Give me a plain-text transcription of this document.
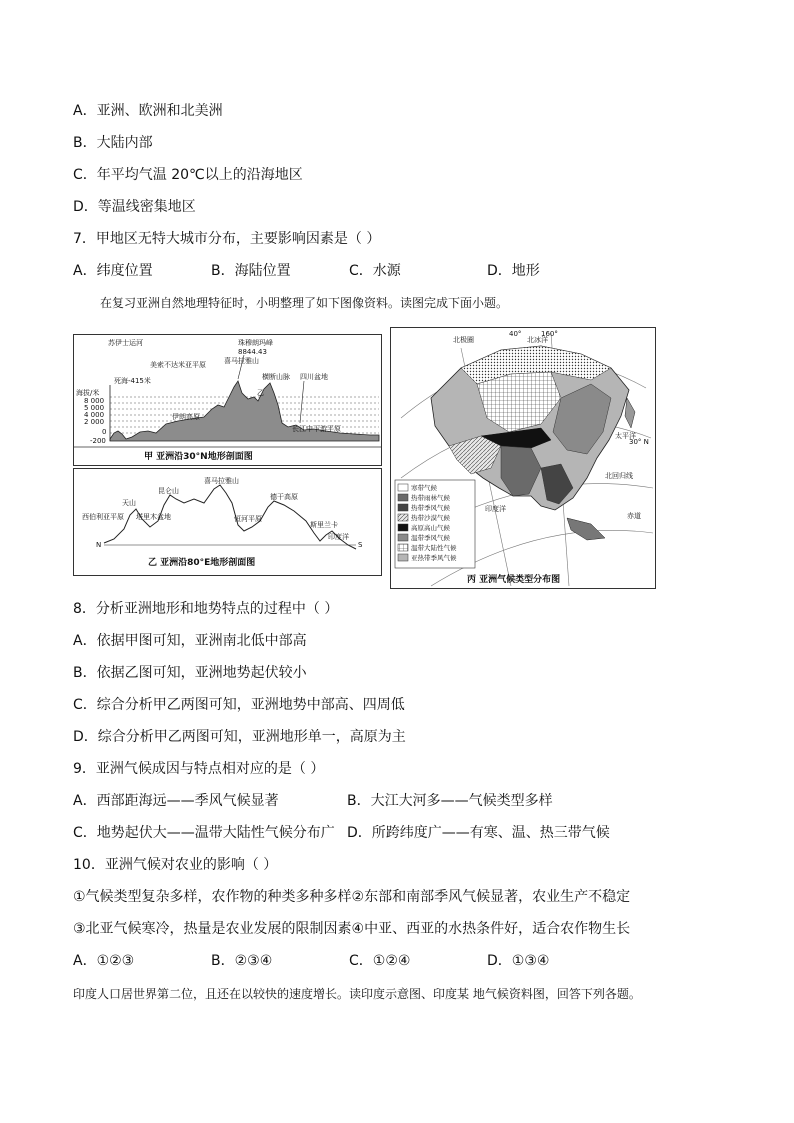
A．亚洲、欧洲和北美洲
B．大陆内部
C．年平均气温 20℃以上的沿海地区
D．等温线密集地区
7．甲地区无特大城市分布，主要影响因素是（ ）
A．纬度位置	B．海陆位置	C．水源	D．地形
在复习亚洲自然地理特征时，小明整理了如下图像资料。读图完成下面小题。
海拔/米
8 000
5 000
4 000
2 000
0
-200
苏伊士运河
死海-415米
美索不达米亚平原
伊朗高原
珠穆朗玛峰
8844.43
喜马拉雅山
乙
横断山脉 四川盆地
长江中下游平原
甲 亚洲沿30°N地形剖面图
N	S
天山
塔里木盆地
昆仑山
喜马拉雅山
恒河平原
德干高原
西伯利亚平原
斯里兰卡
印度洋
乙 亚洲沿80°E地形剖面图
北冰洋
太平洋
印度洋
北极圈
北回归线
赤道
30° N
40°	160°
寒带气候
热带雨林气候
热带季风气候
热带沙漠气候
高原高山气候
温带季风气候
温带大陆性气候
亚热带季风气候
丙 亚洲气候类型分布图
8．分析亚洲地形和地势特点的过程中（ ）
A．依据甲图可知，亚洲南北低中部高
B．依据乙图可知，亚洲地势起伏较小
C．综合分析甲乙两图可知，亚洲地势中部高、四周低
D．综合分析甲乙两图可知，亚洲地形单一，高原为主
9．亚洲气候成因与特点相对应的是（ ）
A．西部距海远——季风气候显著	B．大江大河多——气候类型多样
C．地势起伏大——温带大陆性气候分布广 D．所跨纬度广——有寒、温、热三带气候
10．亚洲气候对农业的影响（ ）
①气候类型复杂多样，农作物的种类多种多样②东部和南部季风气候显著，农业生产不稳定
③北亚气候寒冷，热量是农业发展的限制因素④中亚、西亚的水热条件好，适合农作物生长
A．①②③	B．②③④	C．①②④	D．①③④
印度人口居世界第二位，且还在以较快的速度增长。读印度示意图、印度某 地气候资料图，回答下列各题。
